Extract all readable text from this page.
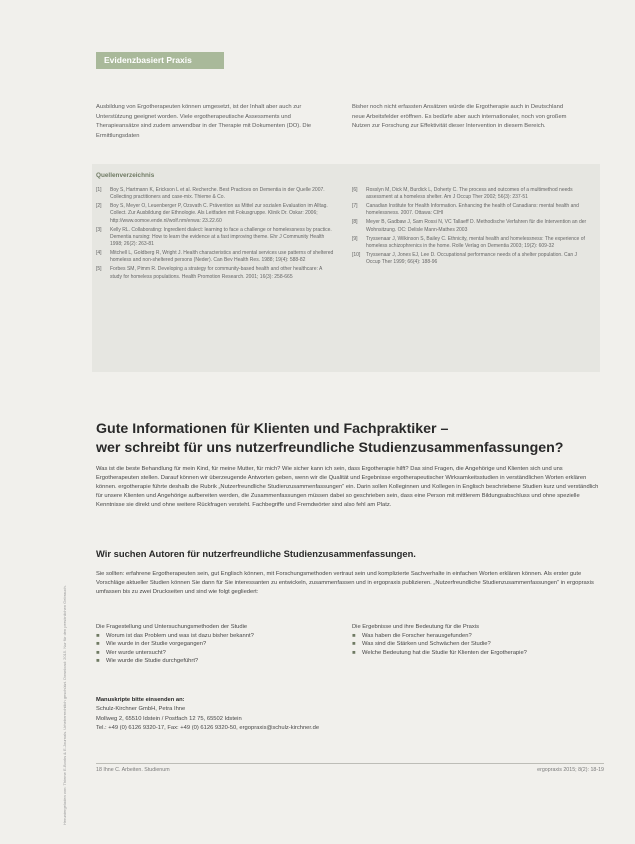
Evidenzbasiert Praxis
Heruntergeladen von: Thieme E-Books & E-Journals. Urheberrechtlich geschützt. Download: 2015. Nur für den persönlichen Gebrauch.
Ausbildung von Ergotherapeuten können umgesetzt, ist der Inhalt aber auch zur Unterstützung geeignet worden. Viele ergotherapeutische Assessments und Therapieansätze sind zudem anwendbar in der Therapie mit Dokumenten (DO). Die Ermittlungsdaten
Bisher noch nicht erfassten Ansätzen würde die Ergotherapie auch in Deutschland neue Arbeitsfelder eröffnen. Es bedürfe aber auch internationaler, noch von großem Nutzen zur Forschung zur Effektivität dieser Intervention in diesem Bereich.
Quellenverzeichnis
[1]	Boy S, Hartmann K, Erickson L et al. Recherche. Best Practices on Dementia in der Quelle 2007. Collecting practitioners and case-mix. Thieme & Co.
[2]	Boy S, Meyer O, Leuenberger P, Ozsvath C. Prävention as Mittel zur sozialen Evaluation im Alltag. Collect. Zur Ausbildung der Ethnologie. Als Leitfaden mit Fokusgruppe. Klinik Dr. Oskar: 2006; http://www.oomoe.ende.nl/wolf.nm/enwa: 23.22.60
[3]	Kelly RL. Collaborating: Ingredient dialect: learning to face a challenge or homelessness by practice. Dementia nursing: How to learn the evidence at a fast improving theme. Ehr J Community Health 1998; 26(2): 263-81
[4]	Mitchell L, Goldberg R, Wright J. Health characteristics and mental services use patterns of sheltered homeless and non-sheltered persons (Neder). Can Bev Health Res. 1988; 19(4): 588-82
[5]	Forbes SM, Pimm R. Developing a strategy for community-based health and other healthcare: A study for homeless populations. Health Promotion Research. 2001; 16(3): 258-665
[6]	Rosslyn M, Dick M, Burdick L, Doherty C. The process and outcomes of a multimethod needs assessment at a homeless shelter. Am J Occup Ther 2002; 56(3): 237-51
[7]	Canadian Institute for Health Information. Enhancing the health of Canadians: mental health and homelessness. 2007. Ottawa: CIHI
[8]	Meyer B, Gadbaw J, Sam Rossi N, VC Tallaeff D. Methodische Verfahren für die Intervention an der Wohnsitzung. OC: Delisle Mann-Mathes 2003
[9]	Tryssenaar J, Wilkinson S, Bailey C. Ethnicity, mental health and homelessness: The experience of homeless schizophrenics in the home. Rolle Verlag on Dementia 2003; 19(2): 609-32
[10]	Tryssenaar J, Jones EJ, Lee D. Occupational performance needs of a shelter population. Can J Occup Ther 1999; 66(4): 188-96
Gute Informationen für Klienten und Fachpraktiker –
wer schreibt für uns nutzerfreundliche Studienzusammenfassungen?
Was ist die beste Behandlung für mein Kind, für meine Mutter, für mich? Wie sicher kann ich sein, dass Ergotherapie hilft? Das sind Fragen, die Angehörige und Klienten sich und uns Ergotherapeuten stellen. Darauf können wir überzeugende Antworten geben, wenn wir die Qualität und Ergebnisse ergotherapeutischer Wirksamkeitsstudien in verständlichen Worten erklären können. ergotherapie führte deshalb die Rubrik „Nutzerfreundliche Studienzusammenfassungen“ ein. Darin sollen Kolleginnen und Kollegen in Englisch beschriebene Studien kurz und verständlich für unsere Klienten und Angehörige aufbereiten werden, die Zusammenfassungen müssen dabei so geschrieben sein, dass eine Person mit mittlerem Bildungsabschluss und ohne spezielle Kenntnisse sie direkt und ohne weitere Rückfragen versteht. Fachbegriffe und Fremdwörter sind also fehl am Platz.
Wir suchen Autoren für nutzerfreundliche Studienzusammenfassungen.
Sie sollten: erfahrene Ergotherapeuten sein, gut Englisch können, mit Forschungsmethoden vertraut sein und komplizierte Sachverhalte in einfachen Worten erklären können. Als erster gute Vorschläge aktueller Studien können Sie dann für Sie interessanten zu entwickeln, zusammenfassen und in ergopraxis publizieren. „Nutzerfreundliche Studienzusammenfassungen“ in ergopraxis umfassen bis zu zwei Druckseiten und sind wie folgt gegliedert:
Die Fragestellung und Untersuchungsmethoden der Studie
■	Worum ist das Problem und was ist dazu bisher bekannt?
■	Wie wurde in der Studie vorgegangen?
■	Wer wurde untersucht?
■	Wie wurde die Studie durchgeführt?
Die Ergebnisse und ihre Bedeutung für die Praxis
■	Was haben die Forscher herausgefunden?
■	Was sind die Stärken und Schwächen der Studie?
■	Welche Bedeutung hat die Studie für Klienten der Ergotherapie?
Manuskripte bitte einsenden an:
Schulz-Kirchner GmbH, Petra Ihne
Mollweg 2, 65510 Idstein / Postfach 12 75, 65502 Idstein
Tel.: +49 (0) 6126 9320-17, Fax: +49 (0) 6126 9320-50, ergopraxis@schulz-kirchner.de
18 Ihne C. Arbeiten. Studienum	ergopraxis 2015; 8(2): 18-19
